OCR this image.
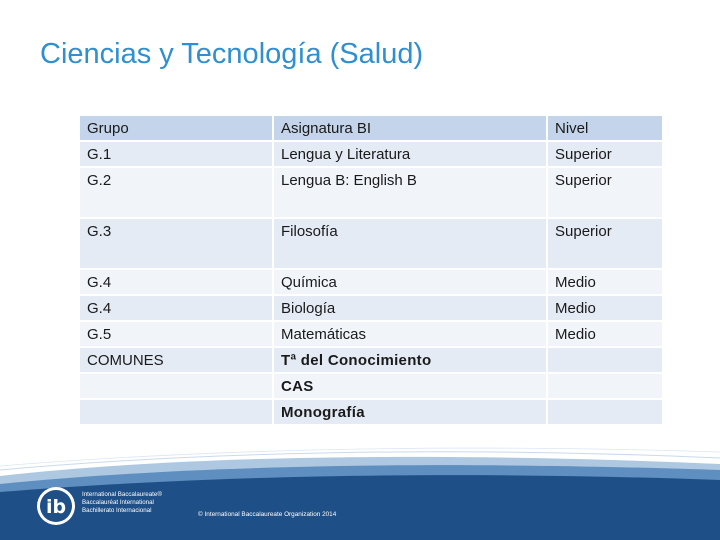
Ciencias y Tecnología (Salud)
Grupo	Asignatura BI	Nivel
G.1	Lengua y Literatura	Superior
G.2	Lengua B: English B	Superior
G.3	Filosofía	Superior
G.4	Química	Medio
G.4	Biología	Medio
G.5	Matemáticas	Medio
COMUNES	Tª del Conocimiento	
	CAS	
	Monografía	
ib
International Baccalaureate®
Baccalauréat International
Bachillerato Internacional
© International Baccalaureate Organization 2014
